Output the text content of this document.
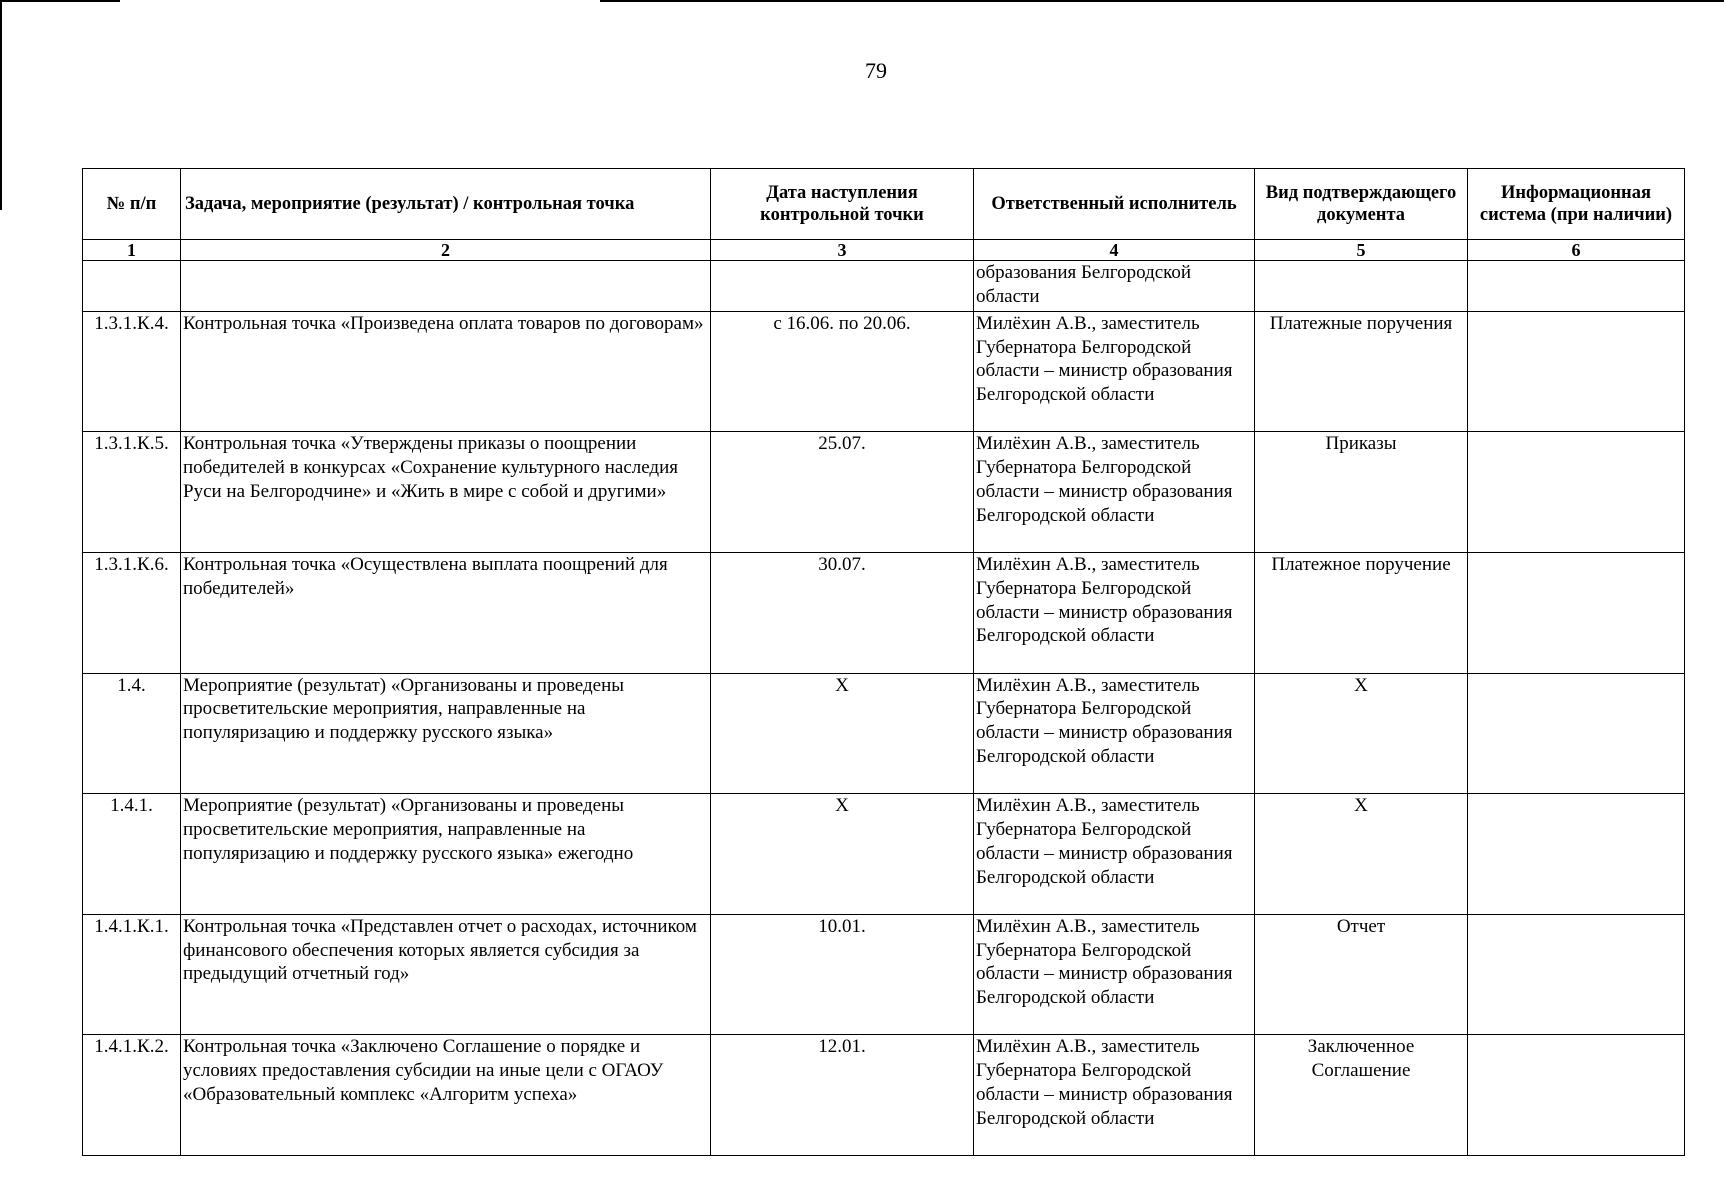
79
№ п/п	Задача, мероприятие (результат) / контрольная точка	Дата наступления контрольной точки	Ответственный исполнитель	Вид подтверждающего документа	Информационная система (при наличии)
1	2	3	4	5	6
			образования Белгородской области		
1.3.1.К.4.	Контрольная точка «Произведена оплата товаров по договорам»	с 16.06. по 20.06.	Милёхин А.В., заместитель Губернатора Белгородской области – министр образования Белгородской области	Платежные поручения	
1.3.1.К.5.	Контрольная точка «Утверждены приказы о поощрении победителей в конкурсах «Сохранение культурного наследия Руси на Белгородчине» и «Жить в мире с собой и другими»	25.07.	Милёхин А.В., заместитель Губернатора Белгородской области – министр образования Белгородской области	Приказы	
1.3.1.К.6.	Контрольная точка «Осуществлена выплата поощрений для победителей»	30.07.	Милёхин А.В., заместитель Губернатора Белгородской области – министр образования Белгородской области	Платежное поручение	
1.4.	Мероприятие (результат) «Организованы и проведены просветительские мероприятия, направленные на популяризацию и поддержку русского языка»	Х	Милёхин А.В., заместитель Губернатора Белгородской области – министр образования Белгородской области	Х	
1.4.1.	Мероприятие (результат) «Организованы и проведены просветительские мероприятия, направленные на популяризацию и поддержку русского языка» ежегодно	Х	Милёхин А.В., заместитель Губернатора Белгородской области – министр образования Белгородской области	Х	
1.4.1.К.1.	Контрольная точка «Представлен отчет о расходах, источником финансового обеспечения которых является субсидия за предыдущий отчетный год»	10.01.	Милёхин А.В., заместитель Губернатора Белгородской области – министр образования Белгородской области	Отчет	
1.4.1.К.2.	Контрольная точка «Заключено Соглашение о порядке и условиях предоставления субсидии на иные цели с ОГАОУ «Образовательный комплекс «Алгоритм успеха»	12.01.	Милёхин А.В., заместитель Губернатора Белгородской области – министр образования Белгородской области	Заключенное Соглашение	
